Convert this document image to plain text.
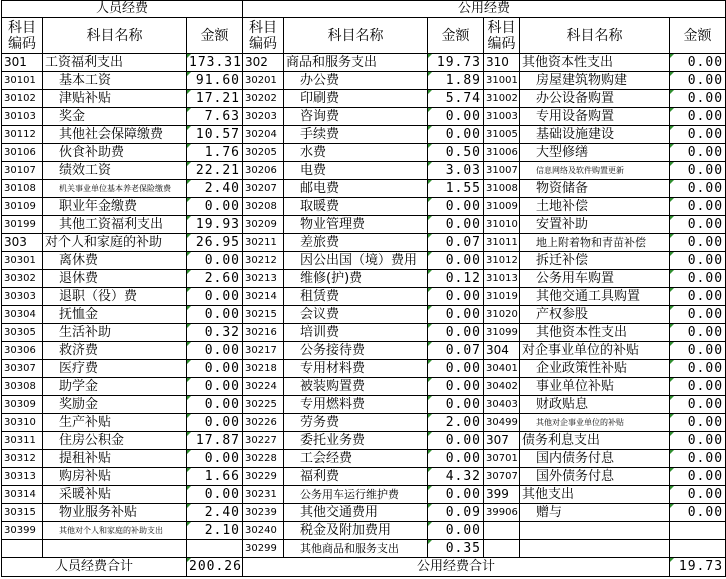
人员经费			公用经费					
科目编码	科目名称	金额	科目编码	科目名称	金额	科目编码	科目名称	金额
301	工资福利支出	173.31	302	商品和服务支出	19.73	310	其他资本性支出	0.00
30101	基本工资	91.60	30201	办公费	1.89	31001	房屋建筑物购建	0.00
30102	津贴补贴	17.21	30202	印刷费	5.74	31002	办公设备购置	0.00
30103	奖金	7.63	30203	咨询费	0.00	31003	专用设备购置	0.00
30112	其他社会保障缴费	10.57	30204	手续费	0.00	31005	基础设施建设	0.00
30106	伙食补助费	1.76	30205	水费	0.50	31006	大型修缮	0.00
30107	绩效工资	22.21	30206	电费	3.03	31007	信息网络及软件购置更新	0.00
30108	机关事业单位基本养老保险缴费	2.40	30207	邮电费	1.55	31008	物资储备	0.00
30109	职业年金缴费	0.00	30208	取暖费	0.00	31009	土地补偿	0.00
30199	其他工资福利支出	19.93	30209	物业管理费	0.00	31010	安置补助	0.00
303	对个人和家庭的补助	26.95	30211	差旅费	0.07	31011	地上附着物和青苗补偿	0.00
30301	离休费	0.00	30212	因公出国（境）费用	0.00	31012	拆迁补偿	0.00
30302	退休费	2.60	30213	维修(护)费	0.12	31013	公务用车购置	0.00
30303	退职（役）费	0.00	30214	租赁费	0.00	31019	其他交通工具购置	0.00
30304	抚恤金	0.00	30215	会议费	0.00	31020	产权参股	0.00
30305	生活补助	0.32	30216	培训费	0.00	31099	其他资本性支出	0.00
30306	救济费	0.00	30217	公务接待费	0.07	304	对企事业单位的补贴	0.00
30307	医疗费	0.00	30218	专用材料费	0.00	30401	企业政策性补贴	0.00
30308	助学金	0.00	30224	被装购置费	0.00	30402	事业单位补贴	0.00
30309	奖励金	0.00	30225	专用燃料费	0.00	30403	财政贴息	0.00
30310	生产补贴	0.00	30226	劳务费	2.00	30499	其他对企事业单位的补贴	0.00
30311	住房公积金	17.87	30227	委托业务费	0.00	307	债务利息支出	0.00
30312	提租补贴	0.00	30228	工会经费	0.00	30701	国内债务付息	0.00
30313	购房补贴	1.66	30229	福利费	4.32	30707	国外债务付息	0.00
30314	采暖补贴	0.00	30231	公务用车运行维护费	0.00	399	其他支出	0.00
30315	物业服务补贴	2.40	30239	其他交通费用	0.09	39906	赠与	0.00
30399	其他对个人和家庭的补助支出	2.10	30240	税金及附加费用	0.00			
			30299	其他商品和服务支出	0.35			
人员经费合计		200.26	公用经费合计					19.73
